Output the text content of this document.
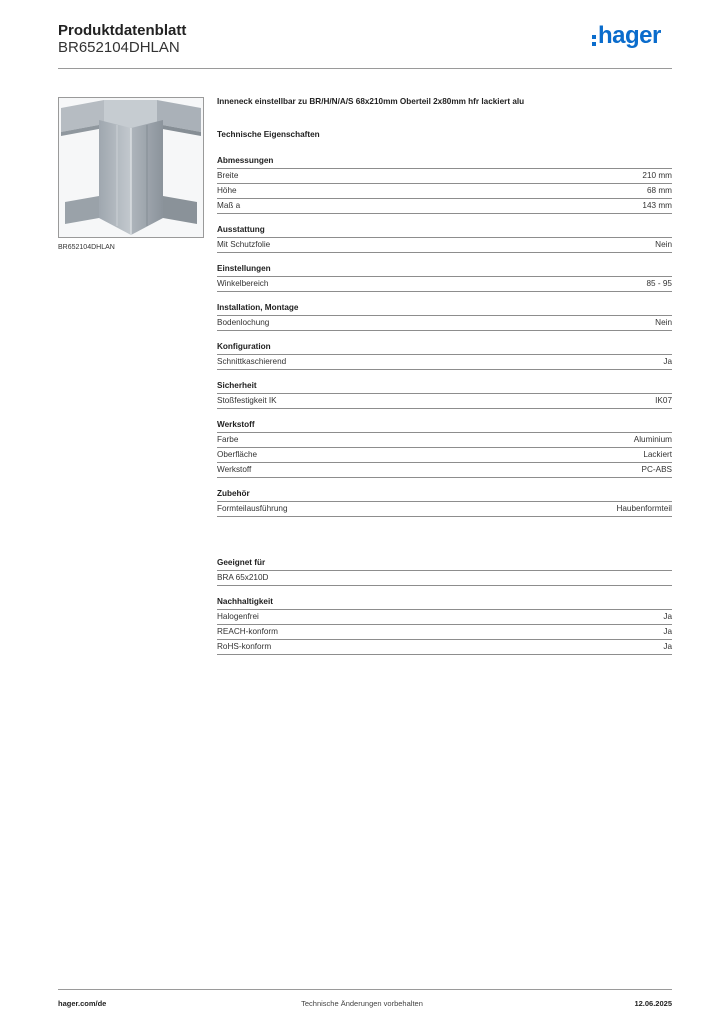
Produktdatenblatt
BR652104DHLAN	hager
BR652104DHLAN
Inneneck einstellbar zu BR/H/N/A/S 68x210mm Oberteil 2x80mm hfr lackiert alu
Technische Eigenschaften
Abmessungen
Breite	210 mm
Höhe	68 mm
Maß a	143 mm
Ausstattung
Mit Schutzfolie	Nein
Einstellungen
Winkelbereich	85 - 95
Installation, Montage
Bodenlochung	Nein
Konfiguration
Schnittkaschierend	Ja
Sicherheit
Stoßfestigkeit IK	IK07
Werkstoff
Farbe	Aluminium
Oberfläche	Lackiert
Werkstoff	PC-ABS
Zubehör
Formteilausführung	Haubenformteil
Geeignet für
BRA 65x210D
Nachhaltigkeit
Halogenfrei	Ja
REACH-konform	Ja
RoHS-konform	Ja
hager.com/de	Technische Änderungen vorbehalten	12.06.2025
